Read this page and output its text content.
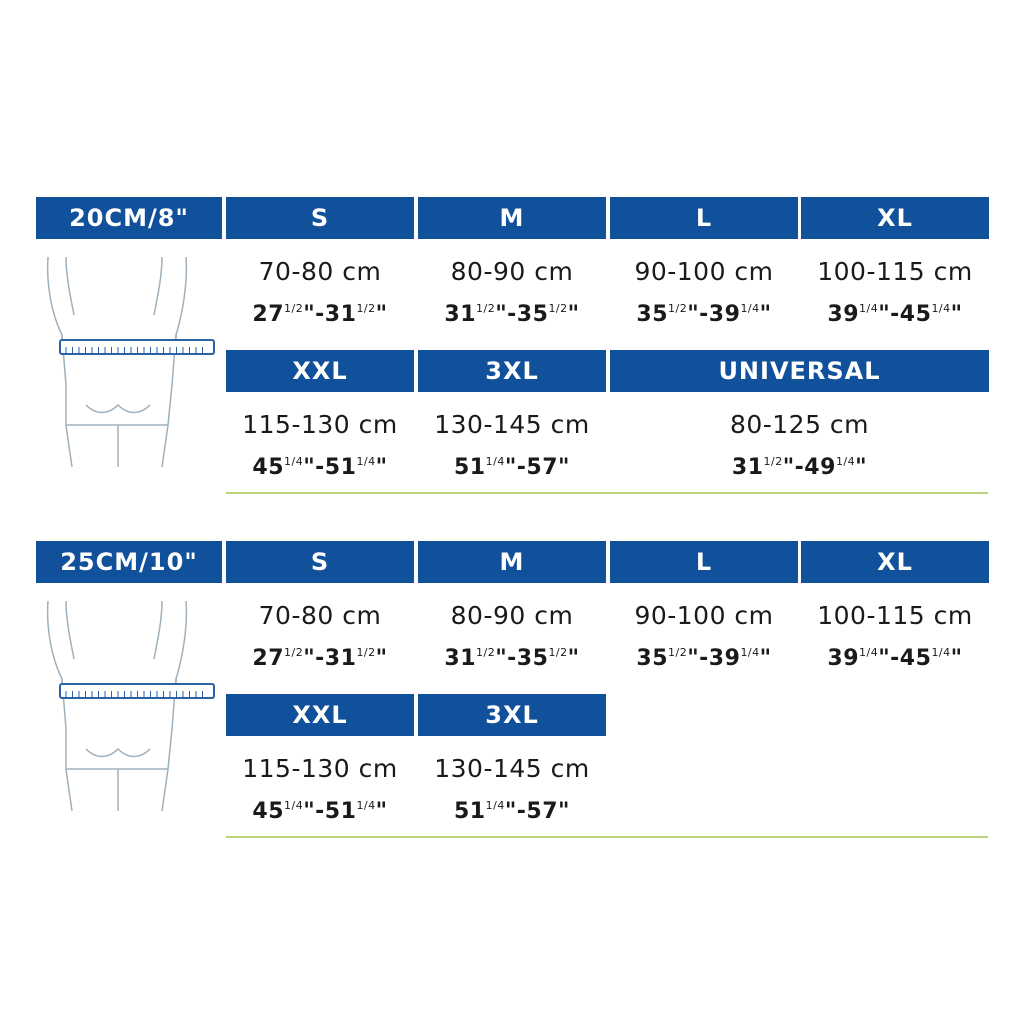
20CM/8"	S
70-80 cm
$27^{1/2}"-31^{1/2}$"
M
80-90 cm
$31^{1/2}"-35^{1/2}$"
L
90-100 cm
$35^{1/2}"-39^{1/4}$"
XL
100-115 cm
$39^{1/4}"-45^{1/4}$"
XXL
115-130 cm
$45^{1/4}"-51^{1/4}$"
3XL
130-145 cm
$51^{1/4}"-57$"
UNIVERSAL
80-125 cm
$31^{1/2}"-49^{1/4}$"
25CM/10"	S
70-80 cm
$27^{1/2}"-31^{1/2}$"
M
80-90 cm
$31^{1/2}"-35^{1/2}$"
L
90-100 cm
$35^{1/2}"-39^{1/4}$"
XL
100-115 cm
$39^{1/4}"-45^{1/4}$"
XXL
115-130 cm
$45^{1/4}"-51^{1/4}$"
3XL
130-145 cm
$51^{1/4}"-57$"
